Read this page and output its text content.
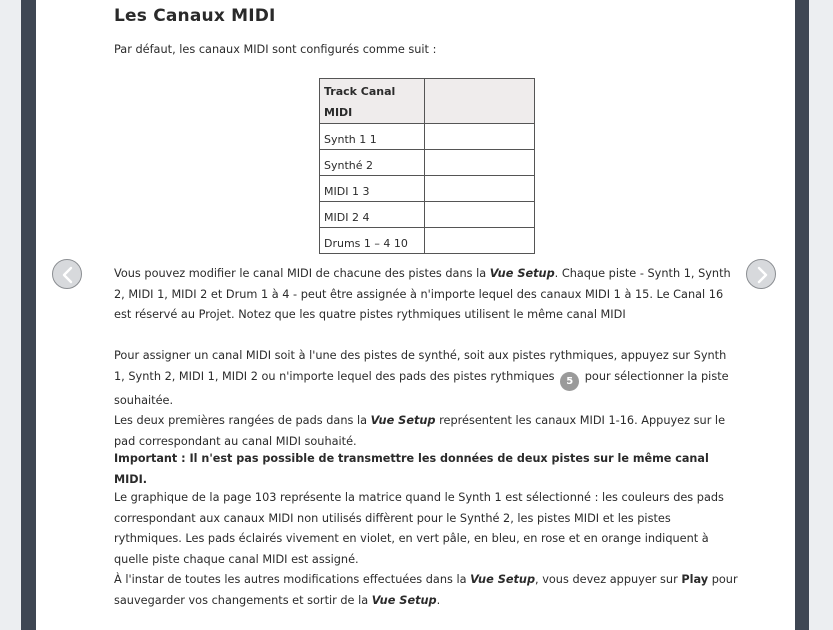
Les Canaux MIDI
Par défaut, les canaux MIDI sont configurés comme suit :
Track Canal MIDI	
Synth 1 1	
Synthé 2	
MIDI 1 3	
MIDI 2 4	
Drums 1 – 4 10	

Vous pouvez modifier le canal MIDI de chacune des pistes dans la Vue Setup. Chaque piste - Synth 1, Synth 2, MIDI 1, MIDI 2 et Drum 1 à 4 - peut être assignée à n'importe lequel des canaux MIDI 1 à 15. Le Canal 16 est réservé au Projet. Notez que les quatre pistes rythmiques utilisent le même canal MIDI

Pour assigner un canal MIDI soit à l'une des pistes de synthé, soit aux pistes rythmiques, appuyez sur Synth 1, Synth 2, MIDI 1, MIDI 2 ou n'importe lequel des pads des pistes rythmiques 5 pour sélectionner la piste souhaitée.
Les deux premières rangées de pads dans la Vue Setup représentent les canaux MIDI 1-16. Appuyez sur le pad correspondant au canal MIDI souhaité.

Important : Il n'est pas possible de transmettre les données de deux pistes sur le même canal MIDI.

Le graphique de la page 103 représente la matrice quand le Synth 1 est sélectionné : les couleurs des pads correspondant aux canaux MIDI non utilisés diffèrent pour le Synthé 2, les pistes MIDI et les pistes rythmiques. Les pads éclairés vivement en violet, en vert pâle, en bleu, en rose et en orange indiquent à quelle piste chaque canal MIDI est assigné.
À l'instar de toutes les autres modifications effectuées dans la Vue Setup, vous devez appuyer sur Play pour sauvegarder vos changements et sortir de la Vue Setup.
